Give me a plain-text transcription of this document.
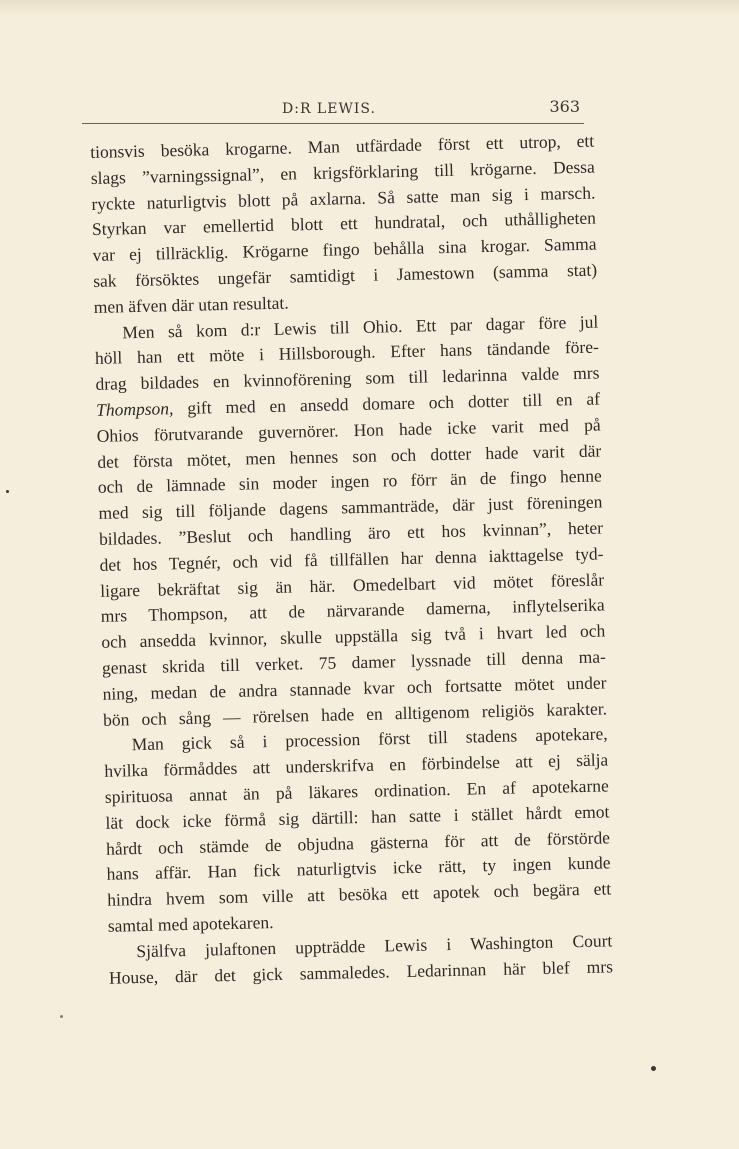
D:R LEWIS.	363
tionsvis besöka krogarne. Man utfärdade först ett utrop, ett
slags ”varningssignal”, en krigsförklaring till krögarne. Dessa
ryckte naturligtvis blott på axlarna. Så satte man sig i marsch.
Styrkan var emellertid blott ett hundratal, och uthålligheten
var ej tillräcklig. Krögarne fingo behålla sina krogar. Samma
sak försöktes ungefär samtidigt i Jamestown (samma stat)
men äfven där utan resultat.
Men så kom d:r Lewis till Ohio. Ett par dagar före jul
höll han ett möte i Hillsborough. Efter hans tändande före-
drag bildades en kvinnoförening som till ledarinna valde mrs
Thompson, gift med en ansedd domare och dotter till en af
Ohios förutvarande guvernörer. Hon hade icke varit med på
det första mötet, men hennes son och dotter hade varit där
och de lämnade sin moder ingen ro förr än de fingo henne
med sig till följande dagens sammanträde, där just föreningen
bildades. ”Beslut och handling äro ett hos kvinnan”, heter
det hos Tegnér, och vid få tillfällen har denna iakttagelse tyd-
ligare bekräftat sig än här. Omedelbart vid mötet föreslår
mrs Thompson, att de närvarande damerna, inflytelserika
och ansedda kvinnor, skulle uppställa sig två i hvart led och
genast skrida till verket. 75 damer lyssnade till denna ma-
ning, medan de andra stannade kvar och fortsatte mötet under
bön och sång — rörelsen hade en alltigenom religiös karakter.
Man gick så i procession först till stadens apotekare,
hvilka förmåddes att underskrifva en förbindelse att ej sälja
spirituosa annat än på läkares ordination. En af apotekarne
lät dock icke förmå sig därtill: han satte i stället hårdt emot
hårdt och stämde de objudna gästerna för att de förstörde
hans affär. Han fick naturligtvis icke rätt, ty ingen kunde
hindra hvem som ville att besöka ett apotek och begära ett
samtal med apotekaren.
Själfva julaftonen uppträdde Lewis i Washington Court
House, där det gick sammaledes. Ledarinnan här blef mrs
